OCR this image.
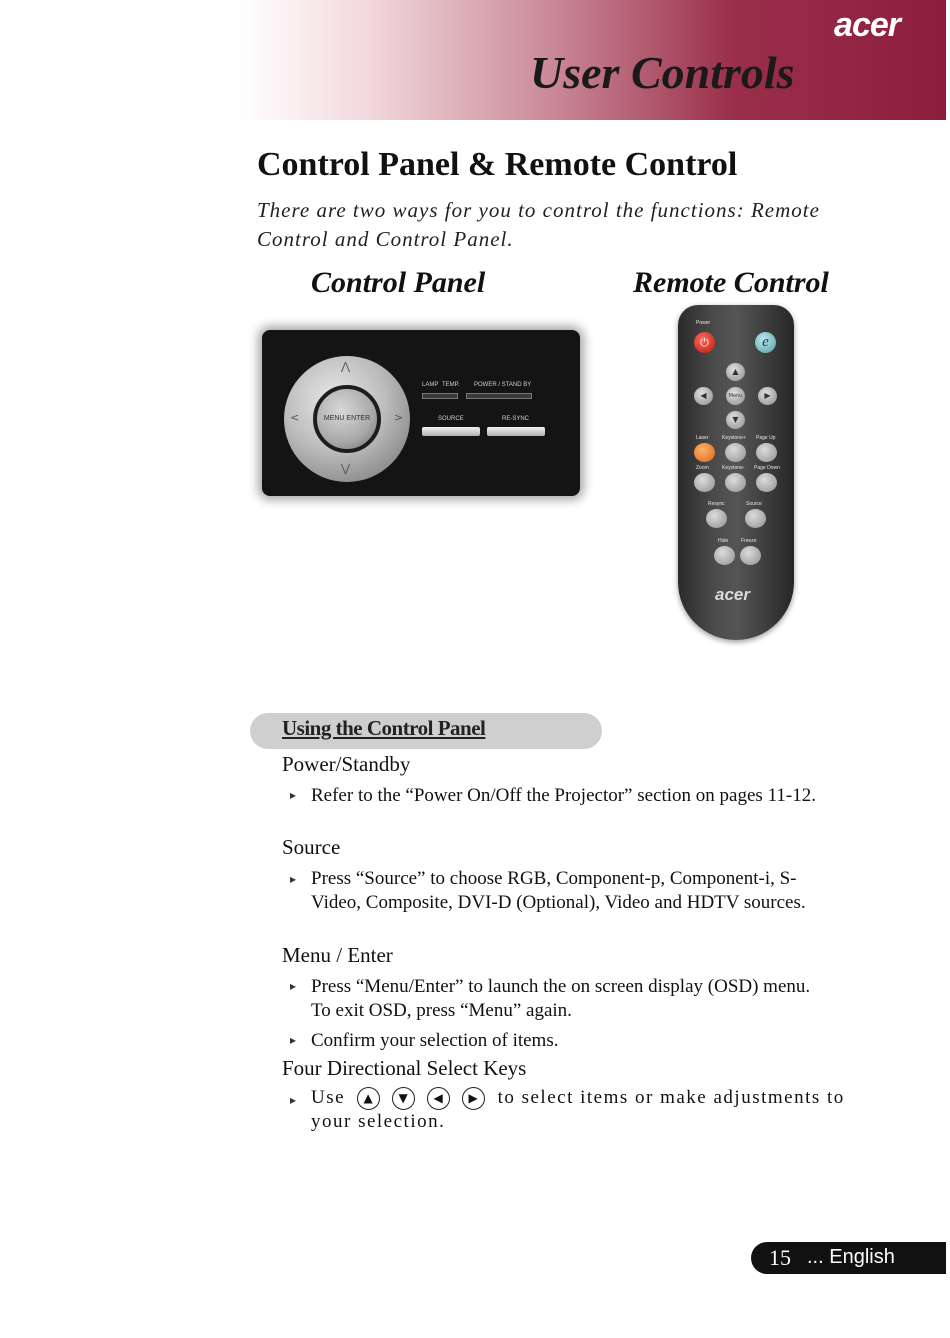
acer
User Controls
Control Panel & Remote Control
There are two ways for you to control the functions: Remote Control and Control Panel.
Control Panel	Remote Control
⋀
⋁
<	>
MENU ENTER
LAMP TEMP. POWER / STAND BY
SOURCE	RE-SYNC
Power
⏻	e
▲
◀	Menu	▶
▼
Laser	Keystone+ Page Up
Zoom	Keystone- Page Down
Resync	Source
Hide	Freeze
acer
Using the Control Panel
Power/Standby
▸ Refer to the “Power On/Off the Projector” section on pages 11-12.
Source
▸ Press “Source” to choose RGB, Component-p, Component-i, S-Video, Composite, DVI-D (Optional), Video and HDTV sources.
Menu / Enter
▸ Press “Menu/Enter” to launch the on screen display (OSD) menu. To exit OSD, press “Menu” again.
▸ Confirm your selection of items.
Four Directional Select Keys
▸ Use ▲ ▼ ◀ ▶ to select items or make adjustments to your selection.
15 ... English
